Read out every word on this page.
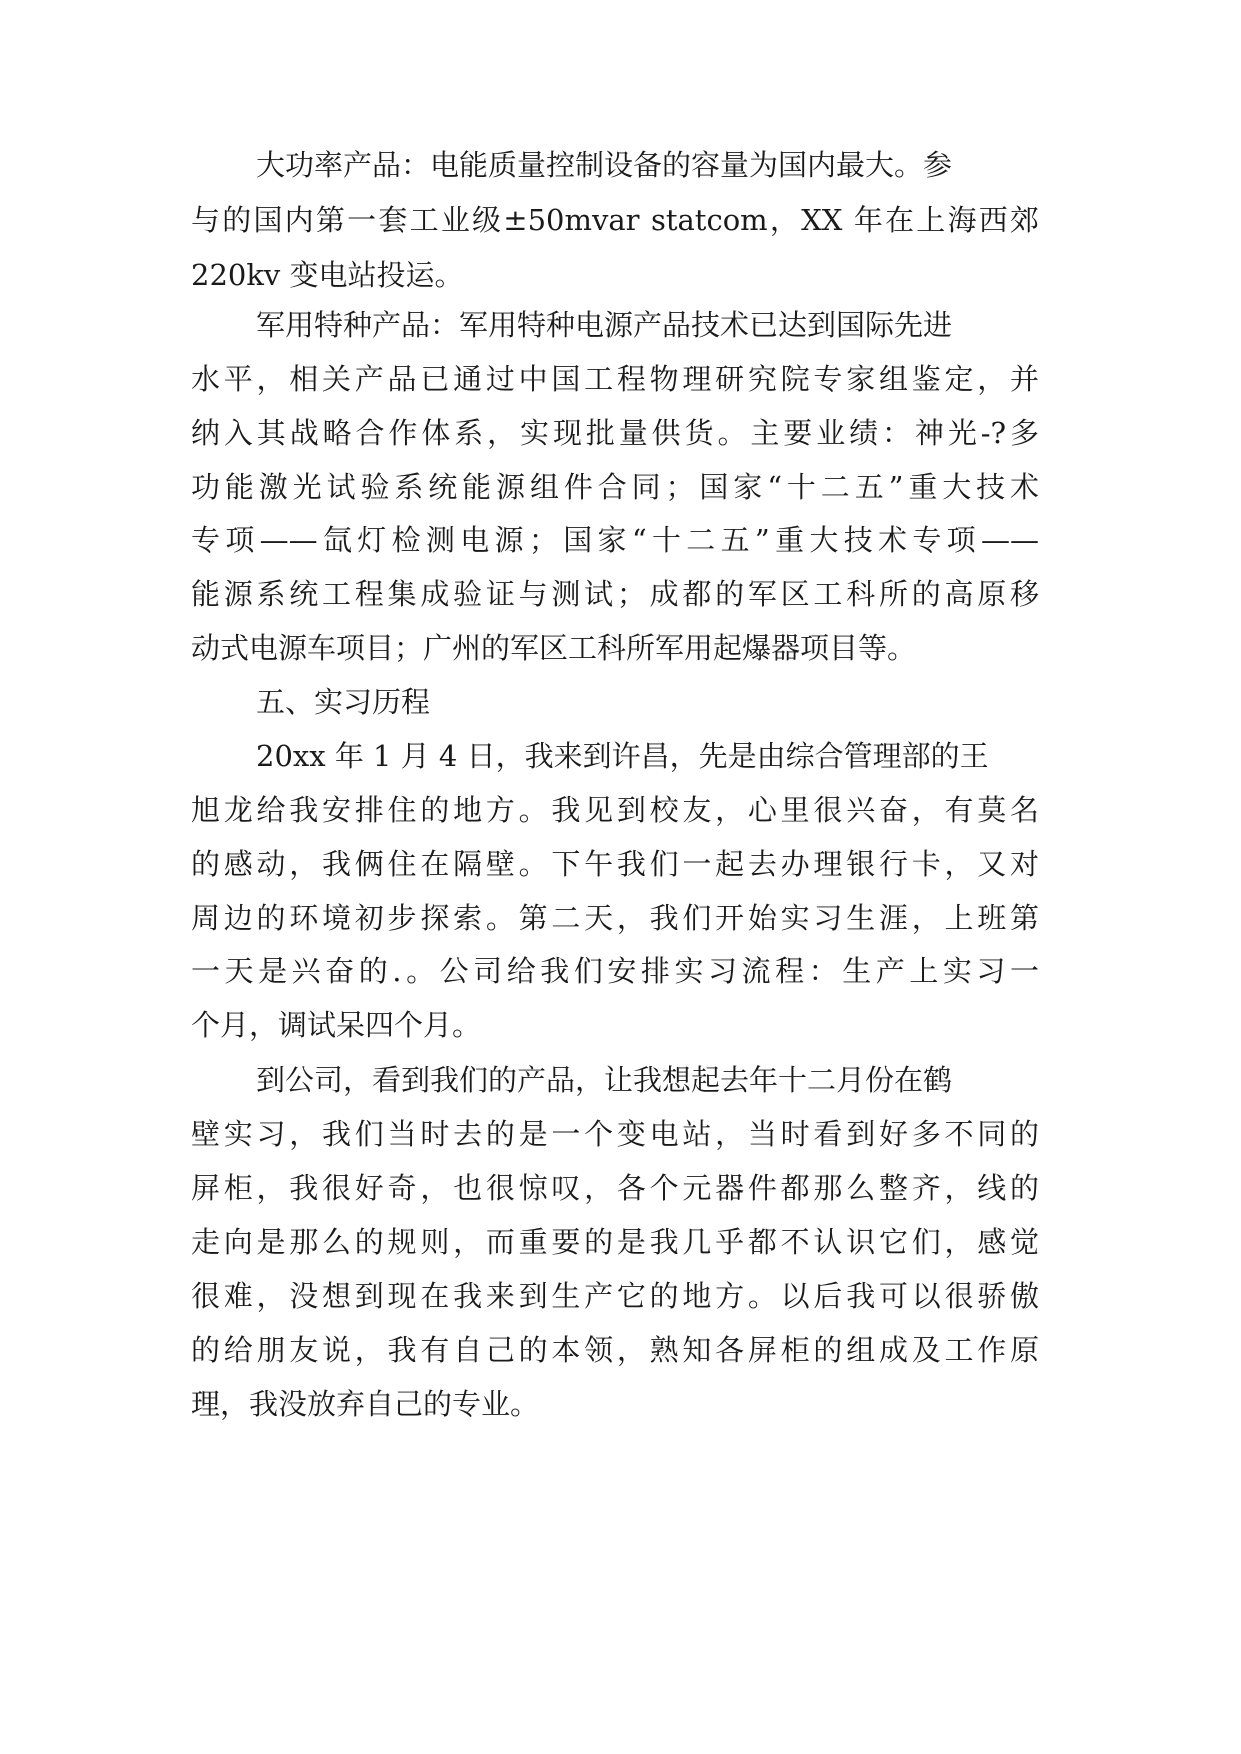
大功率产品：电能质量控制设备的容量为国内最大。参
与的国内第一套工业级±50mvar statcom，XX 年在上海西郊
220kv 变电站投运。
军用特种产品：军用特种电源产品技术已达到国际先进
水平，相关产品已通过中国工程物理研究院专家组鉴定，并
纳入其战略合作体系，实现批量供货。主要业绩：神光-?多
功能激光试验系统能源组件合同；国家“十二五”重大技术
专项——氙灯检测电源；国家“十二五”重大技术专项——
能源系统工程集成验证与测试；成都的军区工科所的高原移
动式电源车项目；广州的军区工科所军用起爆器项目等。
五、实习历程
20xx 年 1 月 4 日，我来到许昌，先是由综合管理部的王
旭龙给我安排住的地方。我见到校友，心里很兴奋，有莫名
的感动，我俩住在隔壁。下午我们一起去办理银行卡，又对
周边的环境初步探索。第二天，我们开始实习生涯，上班第
一天是兴奋的.。公司给我们安排实习流程：生产上实习一
个月，调试呆四个月。
到公司，看到我们的产品，让我想起去年十二月份在鹤
壁实习，我们当时去的是一个变电站，当时看到好多不同的
屏柜，我很好奇，也很惊叹，各个元器件都那么整齐，线的
走向是那么的规则，而重要的是我几乎都不认识它们，感觉
很难，没想到现在我来到生产它的地方。以后我可以很骄傲
的给朋友说，我有自己的本领，熟知各屏柜的组成及工作原
理，我没放弃自己的专业。
